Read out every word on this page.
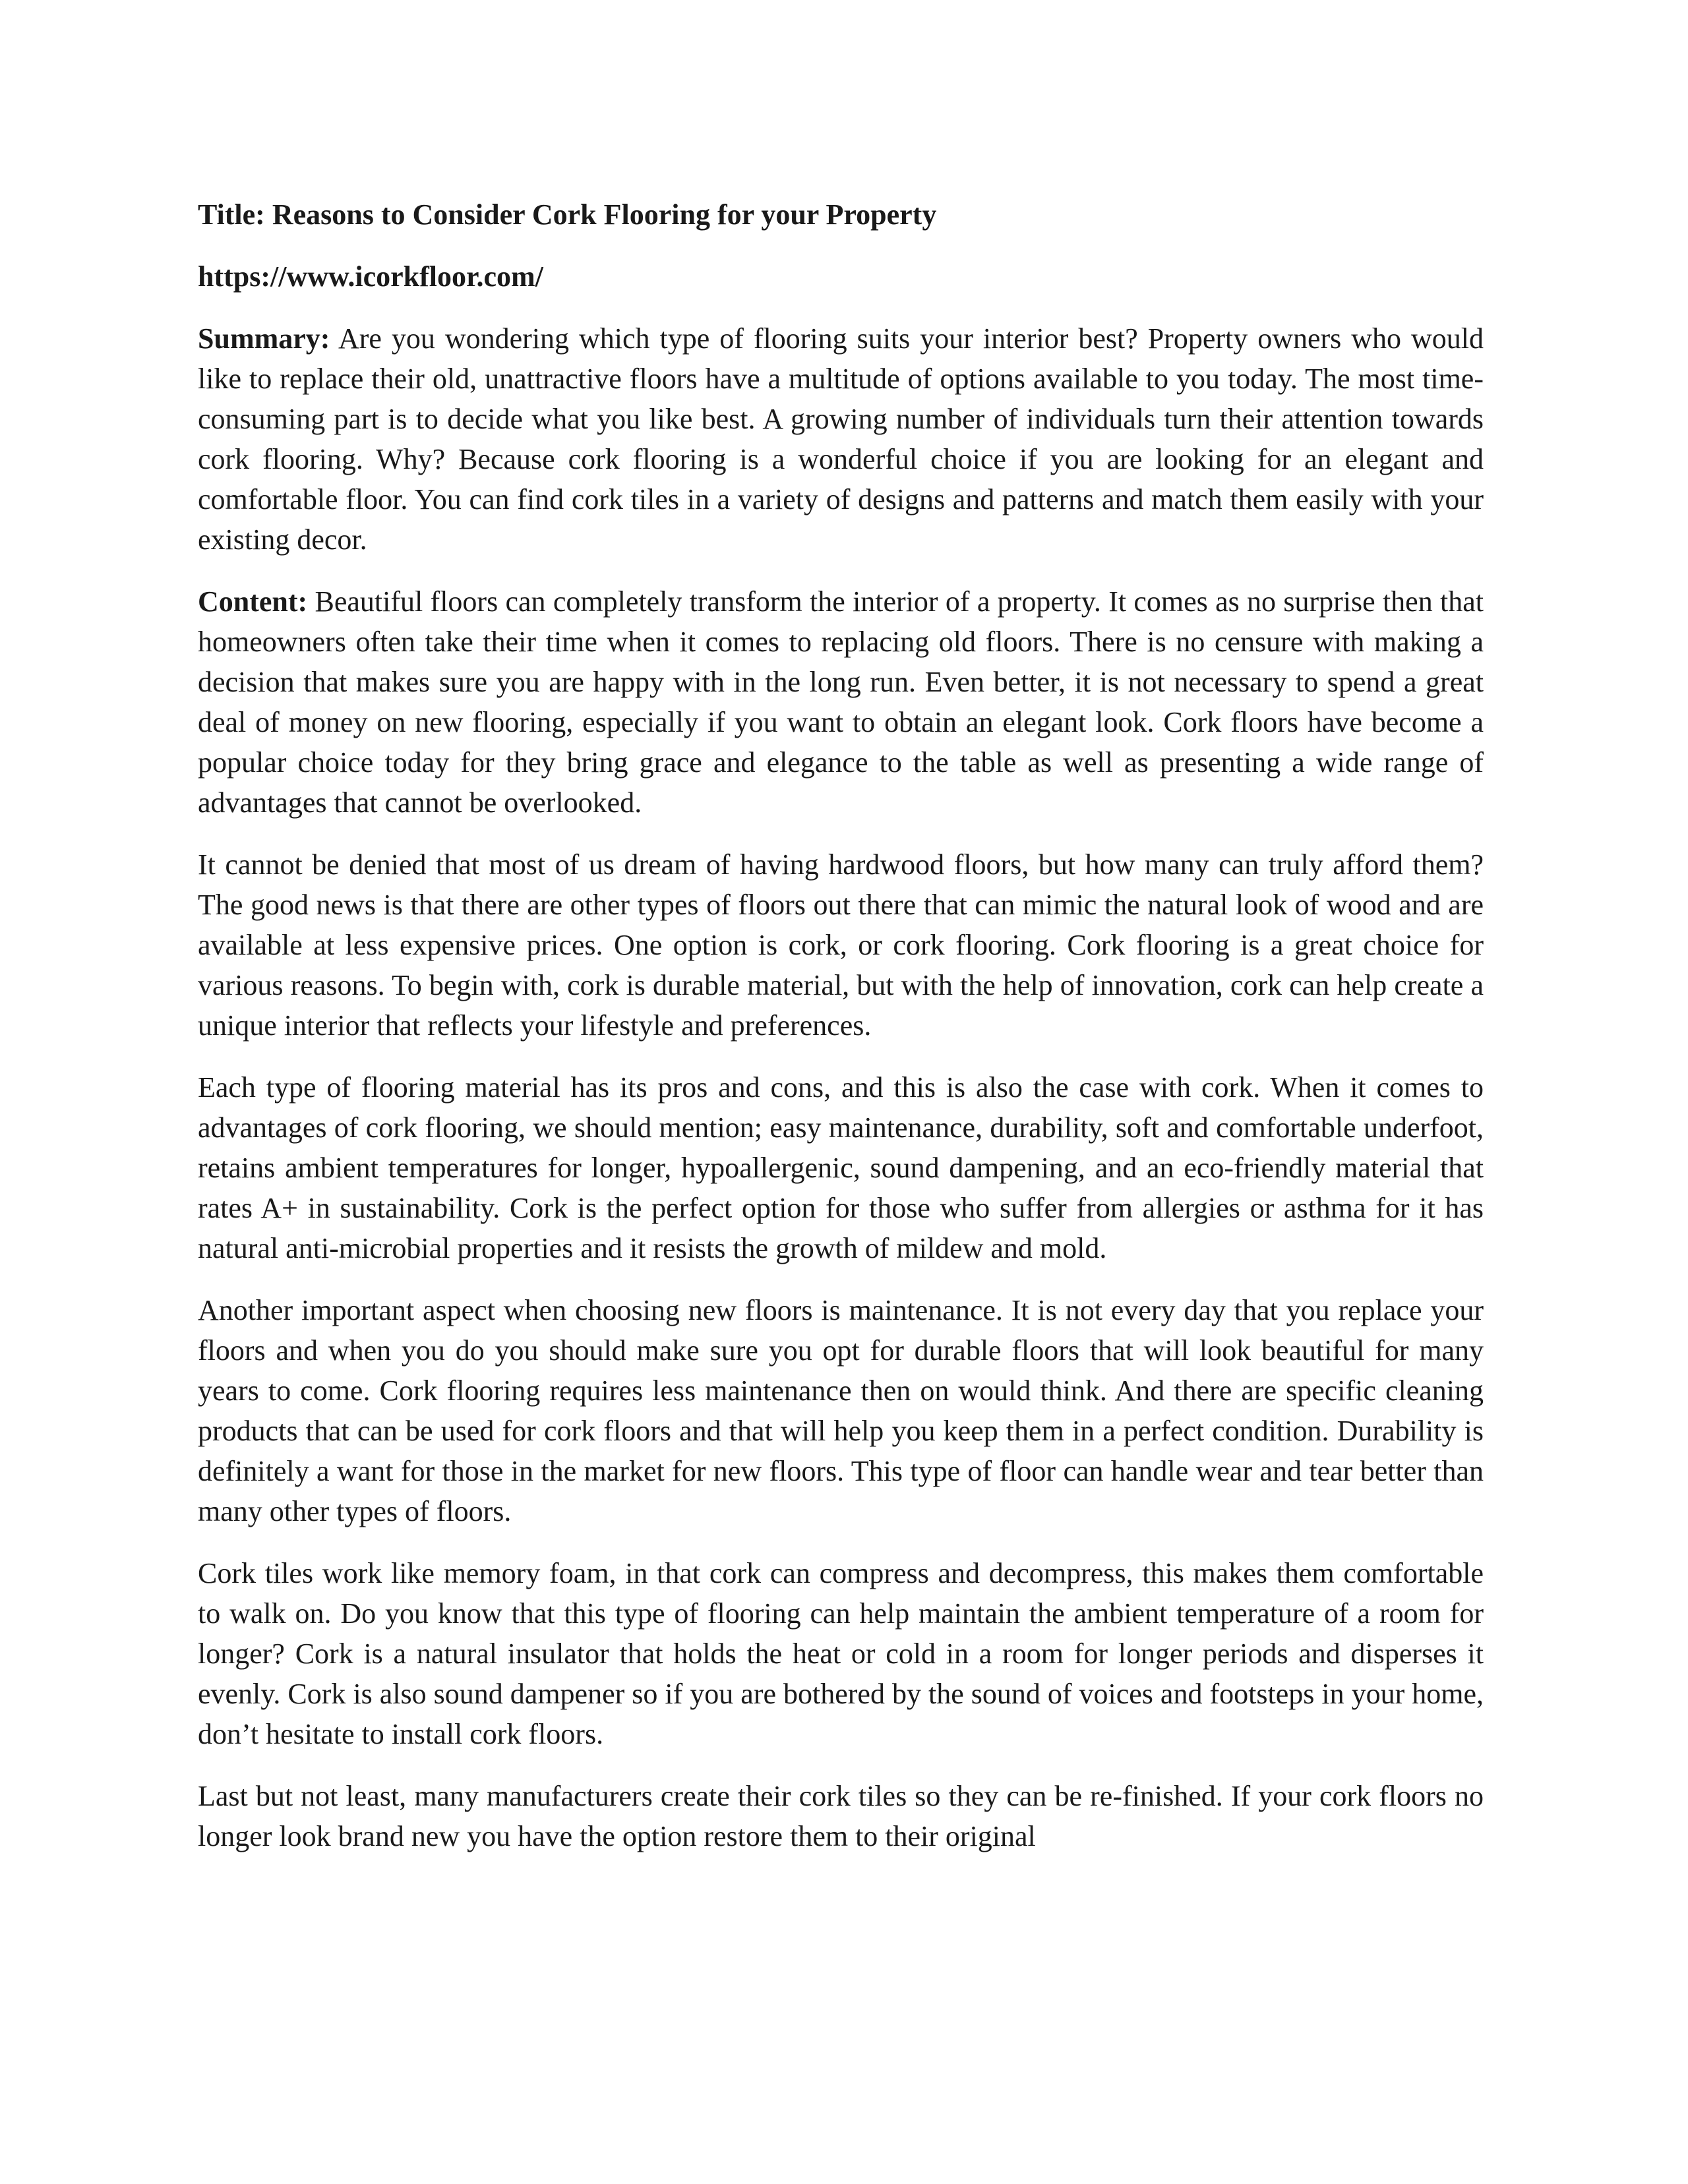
Title: Reasons to Consider Cork Flooring for your Property

https://www.icorkfloor.com/

Summary: Are you wondering which type of flooring suits your interior best? Property owners who would like to replace their old, unattractive floors have a multitude of options available to you today. The most time-consuming part is to decide what you like best. A growing number of individuals turn their attention towards cork flooring. Why? Because cork flooring is a wonderful choice if you are looking for an elegant and comfortable floor. You can find cork tiles in a variety of designs and patterns and match them easily with your existing decor.

Content: Beautiful floors can completely transform the interior of a property. It comes as no surprise then that homeowners often take their time when it comes to replacing old floors. There is no censure with making a decision that makes sure you are happy with in the long run. Even better, it is not necessary to spend a great deal of money on new flooring, especially if you want to obtain an elegant look. Cork floors have become a popular choice today for they bring grace and elegance to the table as well as presenting a wide range of advantages that cannot be overlooked.

It cannot be denied that most of us dream of having hardwood floors, but how many can truly afford them? The good news is that there are other types of floors out there that can mimic the natural look of wood and are available at less expensive prices. One option is cork, or cork flooring. Cork flooring is a great choice for various reasons. To begin with, cork is durable material, but with the help of innovation, cork can help create a unique interior that reflects your lifestyle and preferences.

Each type of flooring material has its pros and cons, and this is also the case with cork. When it comes to advantages of cork flooring, we should mention; easy maintenance, durability, soft and comfortable underfoot, retains ambient temperatures for longer, hypoallergenic, sound dampening, and an eco-friendly material that rates A+ in sustainability. Cork is the perfect option for those who suffer from allergies or asthma for it has natural anti-microbial properties and it resists the growth of mildew and mold.

Another important aspect when choosing new floors is maintenance. It is not every day that you replace your floors and when you do you should make sure you opt for durable floors that will look beautiful for many years to come. Cork flooring requires less maintenance then on would think. And there are specific cleaning products that can be used for cork floors and that will help you keep them in a perfect condition. Durability is definitely a want for those in the market for new floors. This type of floor can handle wear and tear better than many other types of floors.

Cork tiles work like memory foam, in that cork can compress and decompress, this makes them comfortable to walk on. Do you know that this type of flooring can help maintain the ambient temperature of a room for longer? Cork is a natural insulator that holds the heat or cold in a room for longer periods and disperses it evenly. Cork is also sound dampener so if you are bothered by the sound of voices and footsteps in your home, don’t hesitate to install cork floors.

Last but not least, many manufacturers create their cork tiles so they can be re-finished. If your cork floors no longer look brand new you have the option restore them to their original
